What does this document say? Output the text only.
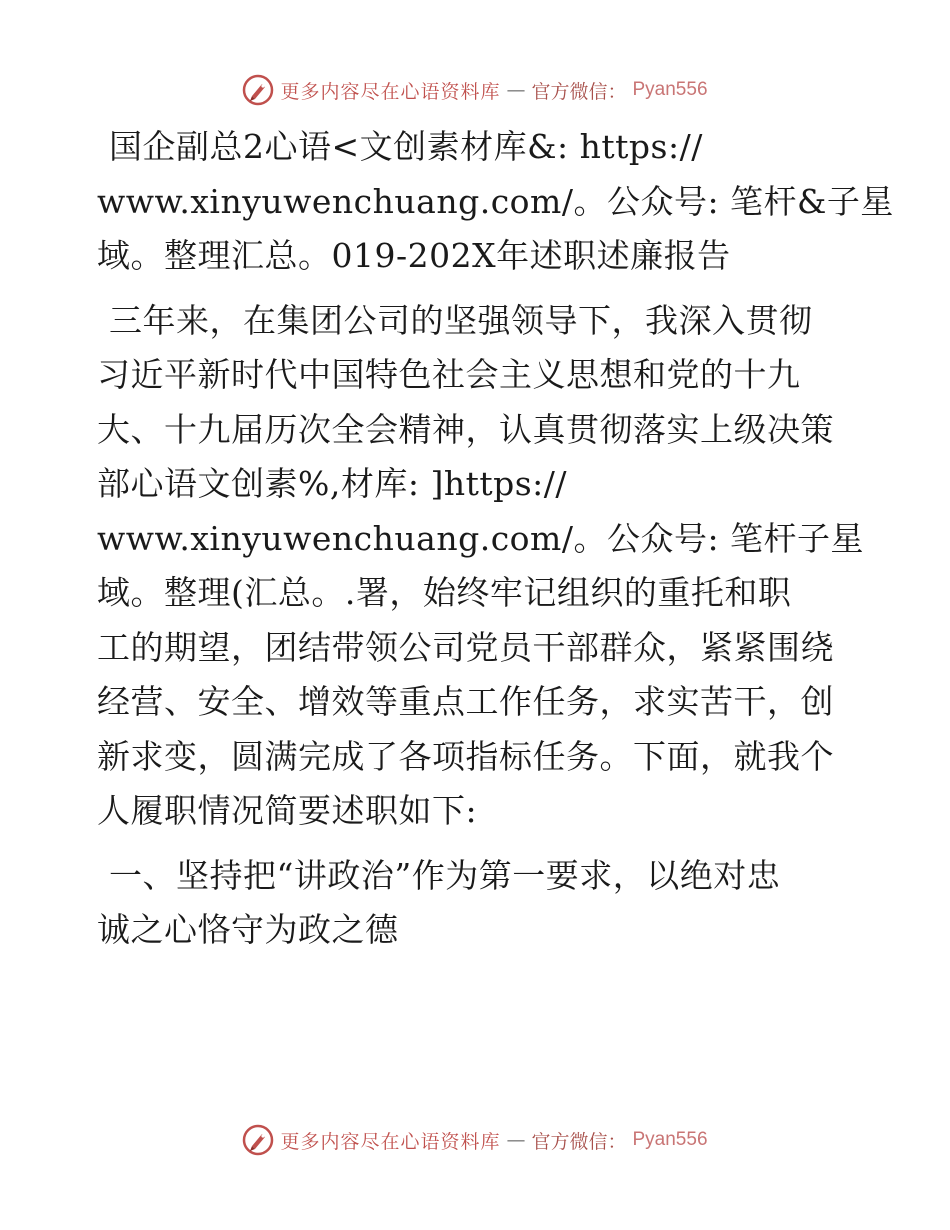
更多内容尽在心语资料库 — 官方微信： Pyan556

国企副总2心语<文创素材库&: https://
www.xinyuwenchuang.com/。公众号: 笔杆&子星
域。整理汇总。019-202X年述职述廉报告

三年来，在集团公司的坚强领导下，我深入贯彻
习近平新时代中国特色社会主义思想和党的十九
大、十九届历次全会精神，认真贯彻落实上级决策
部心语文创素%,材库: ]https://
www.xinyuwenchuang.com/。公众号: 笔杆子星
域。整理(汇总。.署，始终牢记组织的重托和职
工的期望，团结带领公司党员干部群众，紧紧围绕
经营、安全、增效等重点工作任务，求实苦干，创
新求变，圆满完成了各项指标任务。下面，就我个
人履职情况简要述职如下:

一、坚持把“讲政治”作为第一要求，以绝对忠
诚之心恪守为政之德

更多内容尽在心语资料库 — 官方微信： Pyan556
